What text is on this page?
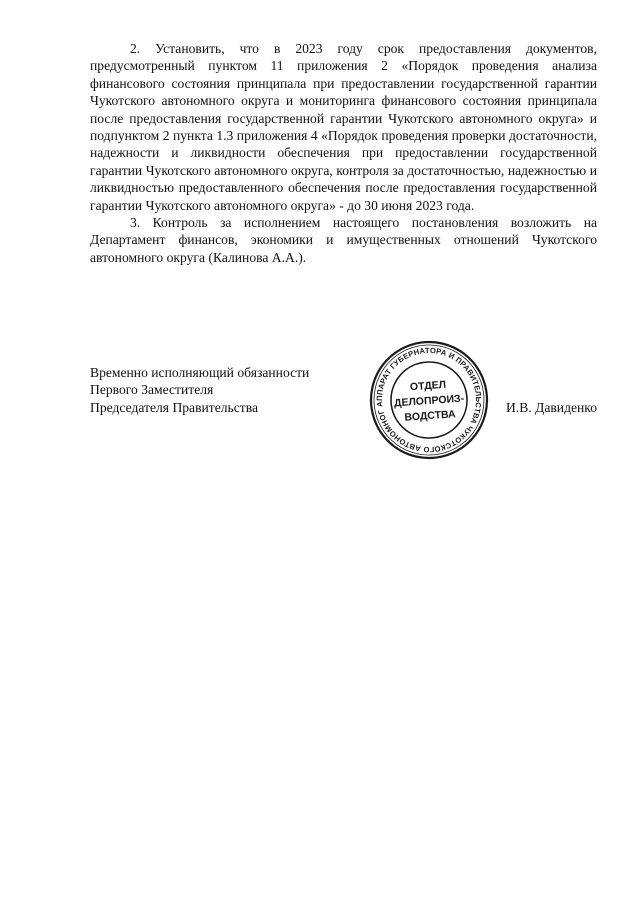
2. Установить, что в 2023 году срок предоставления документов, предусмотренный пунктом 11 приложения 2 «Порядок проведения анализа финансового состояния принципала при предоставлении государственной гарантии Чукотского автономного округа и мониторинга финансового состояния принципала после предоставления государственной гарантии Чукотского автономного округа» и подпунктом 2 пункта 1.3 приложения 4 «Порядок проведения проверки достаточности, надежности и ликвидности обеспечения при предоставлении государственной гарантии Чукотского автономного округа, контроля за достаточностью, надежностью и ликвидностью предоставленного обеспечения после предоставления государственной гарантии Чукотского автономного округа» - до 30 июня 2023 года.

3. Контроль за исполнением настоящего постановления возложить на Департамент финансов, экономики и имущественных отношений Чукотского автономного округа (Калинова А.А.).

Временно исполняющий обязанности
Первого Заместителя
Председателя Правительства	И.В. Давиденко
АППАРАТ ГУБЕРНАТОРА И ПРАВИТЕЛЬСТВА ЧУКОТСКОГО АВТОНОМНОГО
ОТДЕЛ
ДЕЛОПРОИЗ-
ВОДСТВА
